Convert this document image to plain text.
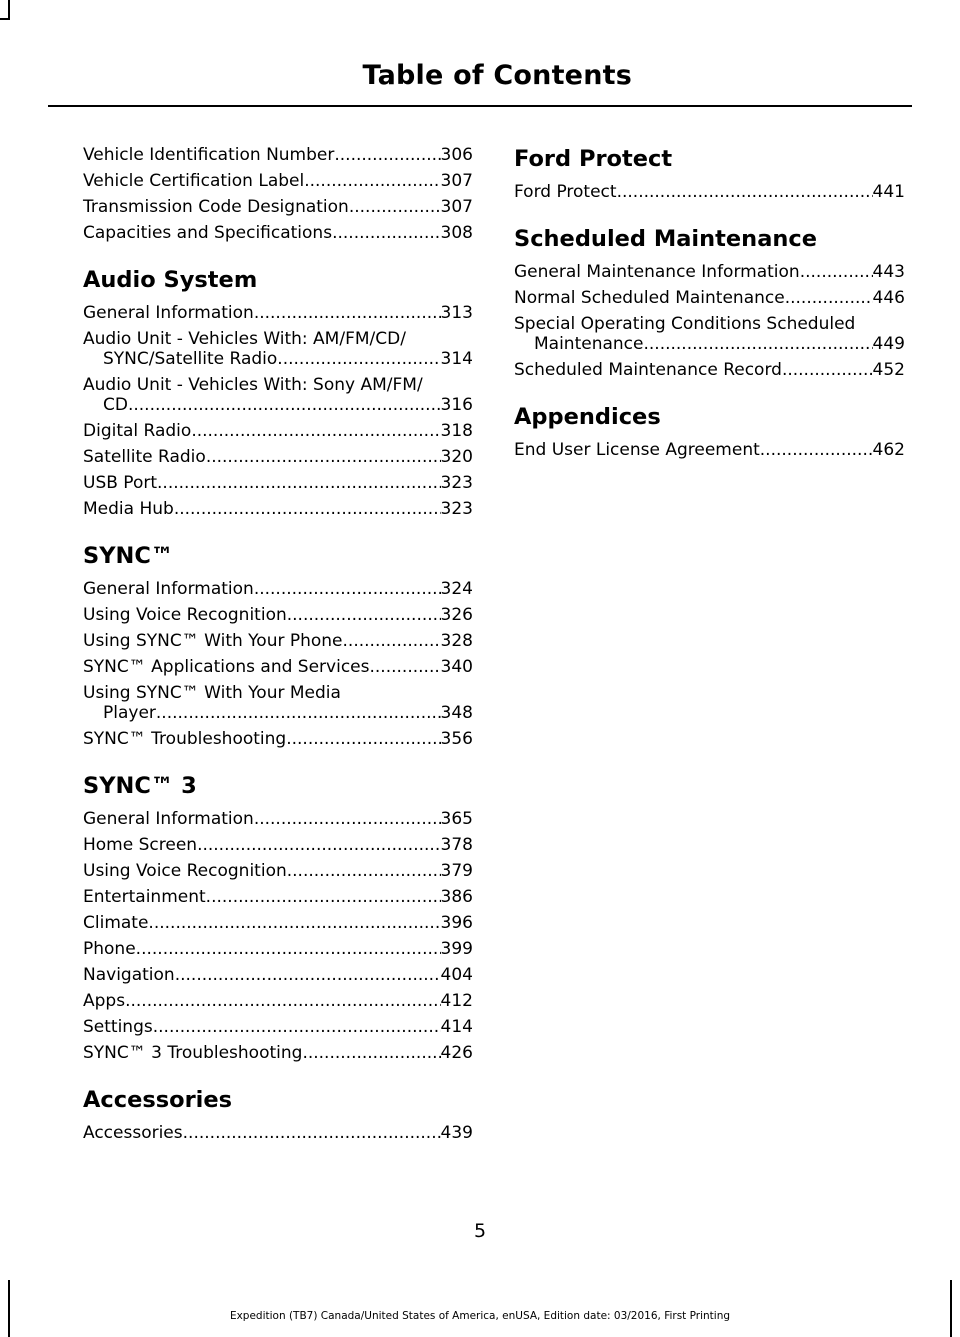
Table of Contents
Vehicle Identification Number .....	306
Vehicle Certification Label .....	307
Transmission Code Designation .....	307
Capacities and Specifications .....	308
Audio System
General Information .....	313
Audio Unit - Vehicles With: AM/FM/CD/
SYNC/Satellite Radio .....	314
Audio Unit - Vehicles With: Sony AM/FM/
CD .....	316
Digital Radio .....	318
Satellite Radio .....	320
USB Port .....	323
Media Hub .....	323
SYNC™
General Information .....	324
Using Voice Recognition .....	326
Using SYNC™ With Your Phone .....	328
SYNC™ Applications and Services .....	340
Using SYNC™ With Your Media
Player .....	348
SYNC™ Troubleshooting .....	356
SYNC™ 3
General Information .....	365
Home Screen .....	378
Using Voice Recognition .....	379
Entertainment .....	386
Climate .....	396
Phone .....	399
Navigation .....	404
Apps .....	412
Settings .....	414
SYNC™ 3 Troubleshooting .....	426
Accessories
Accessories .....	439
Ford Protect
Ford Protect .....	441
Scheduled Maintenance
General Maintenance Information .....	443
Normal Scheduled Maintenance .....	446
Special Operating Conditions Scheduled
Maintenance .....	449
Scheduled Maintenance Record .....	452
Appendices
End User License Agreement .....	462
5
Expedition (TB7) Canada/United States of America, enUSA, Edition date: 03/2016, First Printing
